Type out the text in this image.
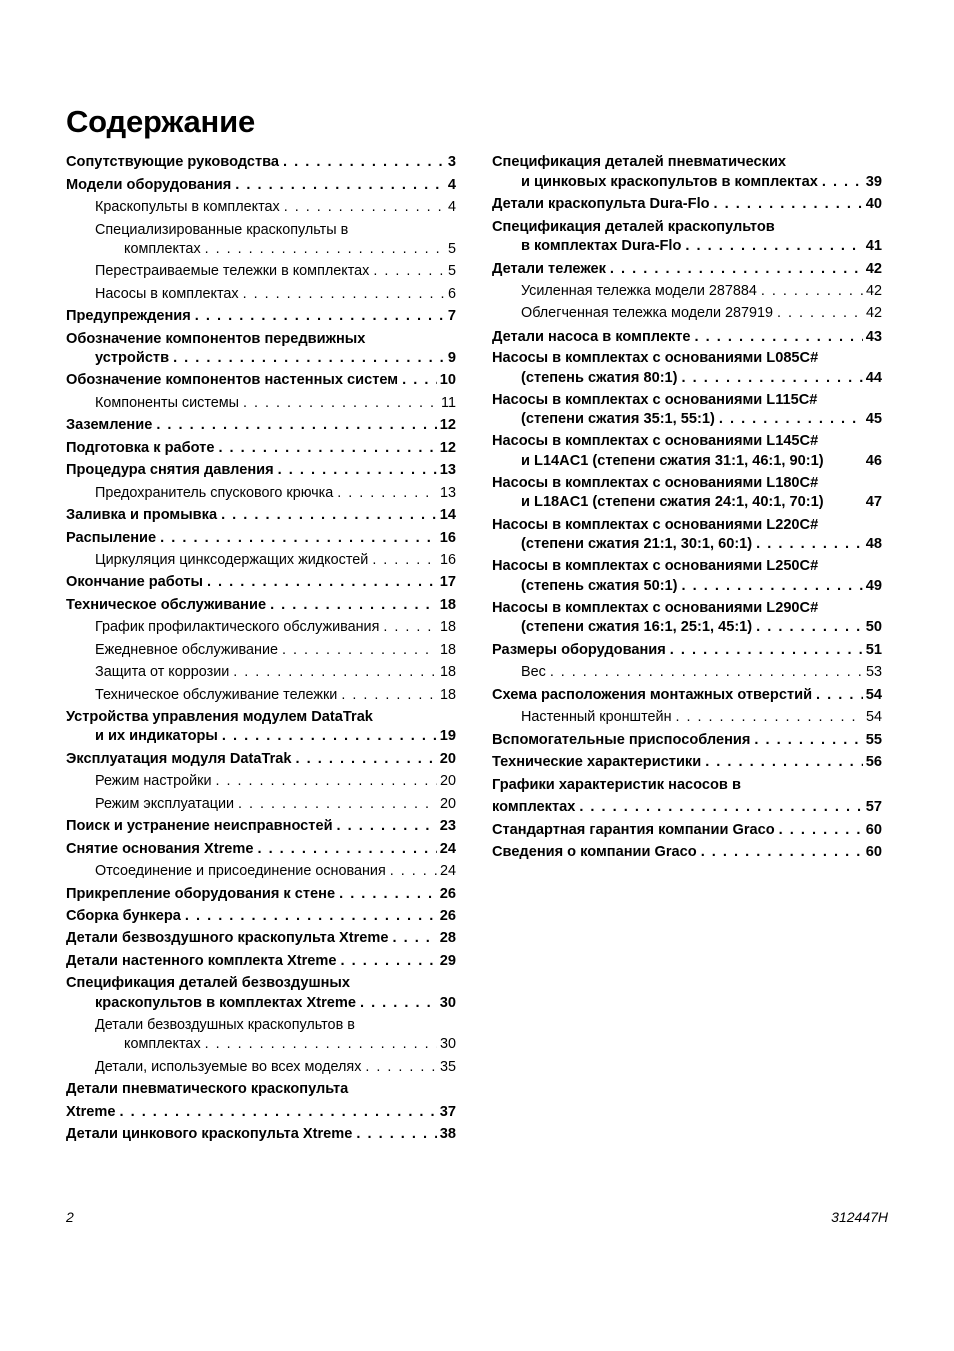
Содержание
Сопутствующие руководства . . .	3
Модели оборудования . . .	4
Краскопульты в комплектах . . .	4
Специализированные краскопульты в
комплектах . . .	5
Перестраиваемые тележки в комплектах . . .	5
Насосы в комплектах . . .	6
Предупреждения . . .	7
Обозначение компонентов передвижных
устройств . . .	9
Обозначение компонентов настенных систем . . .	10
Компоненты системы . . .	11
Заземление . . .	12
Подготовка к работе . . .	12
Процедура снятия давления . . .	13
Предохранитель спускового крючка . . .	13
Заливка и промывка . . .	14
Распыление . . .	16
Циркуляция цинксодержащих жидкостей . . .	16
Окончание работы . . .	17
Техническое обслуживание . . .	18
График профилактического обслуживания . . .	18
Ежедневное обслуживание . . .	18
Защита от коррозии . . .	18
Техническое обслуживание тележки . . .	18
Устройства управления модулем DataTrak
и их индикаторы . . .	19
Эксплуатация модуля DataTrak . . .	20
Режим настройки . . .	20
Режим эксплуатации . . .	20
Поиск и устранение неисправностей . . .	23
Снятие основания Xtreme . . .	24
Отсоединение и присоединение основания . . .	24
Прикрепление оборудования к стене . . .	26
Сборка бункера . . .	26
Детали безвоздушного краскопульта Xtreme . . .	28
Детали настенного комплекта Xtreme . . .	29
Спецификация деталей безвоздушных
краскопультов в комплектах Xtreme . . .	30
Детали безвоздушных краскопультов в
комплектах . . .	30
Детали, используемые во всех моделях . . .	35
Детали пневматического краскопульта
Xtreme . . .	37
Детали цинкового краскопульта Xtreme . . .	38
Спецификация деталей пневматических
и цинковых краскопультов в комплектах . . .	39
Детали краскопульта Dura-Flo . . .	40
Спецификация деталей краскопультов
в комплектах Dura-Flo . . .	41
Детали тележек . . .	42
Усиленная тележка модели 287884 . . .	42
Облегченная тележка модели 287919 . . .	42
Детали насоса в комплекте . . .	43
Насосы в комплектах с основаниями L085C#
(степень сжатия 80:1) . . .	44
Насосы в комплектах с основаниями L115C#
(степени сжатия 35:1, 55:1) . . .	45
Насосы в комплектах с основаниями L145C#
и L14AC1 (степени сжатия 31:1, 46:1, 90:1)	46
Насосы в комплектах с основаниями L180C#
и L18AC1 (степени сжатия 24:1, 40:1, 70:1)	47
Насосы в комплектах с основаниями L220C#
(степени сжатия 21:1, 30:1, 60:1) . . .	48
Насосы в комплектах с основаниями L250C#
(степень сжатия 50:1) . . .	49
Насосы в комплектах с основаниями L290C#
(степени сжатия 16:1, 25:1, 45:1) . . .	50
Размеры оборудования . . .	51
Вес . . .	53
Схема расположения монтажных отверстий . . .	54
Настенный кронштейн . . .	54
Вспомогательные приспособления . . .	55
Технические характеристики . . .	56
Графики характеристик насосов в
комплектах . . .	57
Стандартная гарантия компании Graco . . .	60
Сведения о компании Graco . . .	60
2	312447H
